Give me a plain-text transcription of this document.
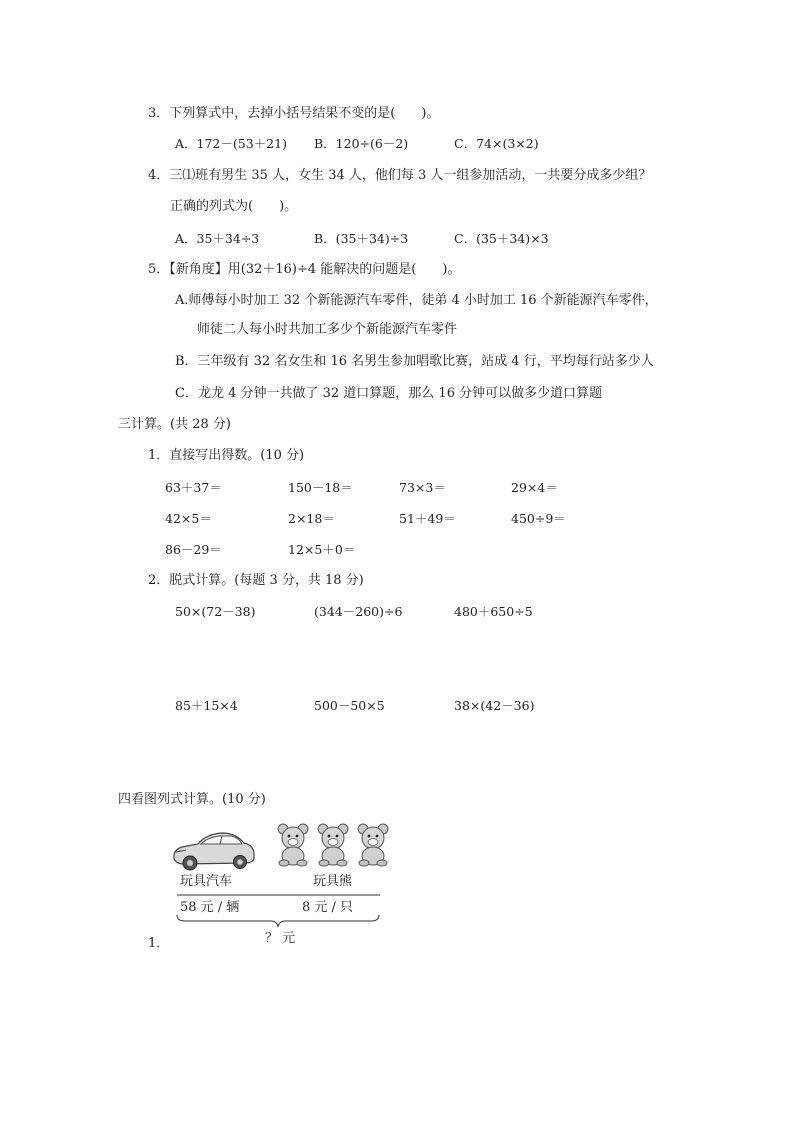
3．下列算式中，去掉小括号结果不变的是(　　)。
A．172－(53＋21) B．120÷(6－2)	C．74×(3×2)
4．三⑴班有男生 35 人，女生 34 人，他们每 3 人一组参加活动，一共要分成多少组？
正确的列式为(　　)。
A．35＋34÷3	B．(35＋34)÷3	C．(35＋34)×3
5．【新角度】用(32＋16)÷4 能解决的问题是(　　)。
A.师傅每小时加工 32 个新能源汽车零件，徒弟 4 小时加工 16 个新能源汽车零件，
师徒二人每小时共加工多少个新能源汽车零件
B．三年级有 32 名女生和 16 名男生参加唱歌比赛，站成 4 行，平均每行站多少人
C．龙龙 4 分钟一共做了 32 道口算题，那么 16 分钟可以做多少道口算题
三计算。(共 28 分)
1．直接写出得数。(10 分)
63＋37＝	150－18＝	73×3＝	29×4＝
42×5＝	2×18＝	51＋49＝	450÷9＝
86－29＝	12×5＋0＝
2．脱式计算。(每题 3 分，共 18 分)
50×(72－38)	(344－260)÷6	480＋650÷5
85＋15×4	500－50×5	38×(42－36)
四看图列式计算。(10 分)
玩具汽车	玩具熊
58 元 / 辆	8 元 / 只
？ 元
1．
